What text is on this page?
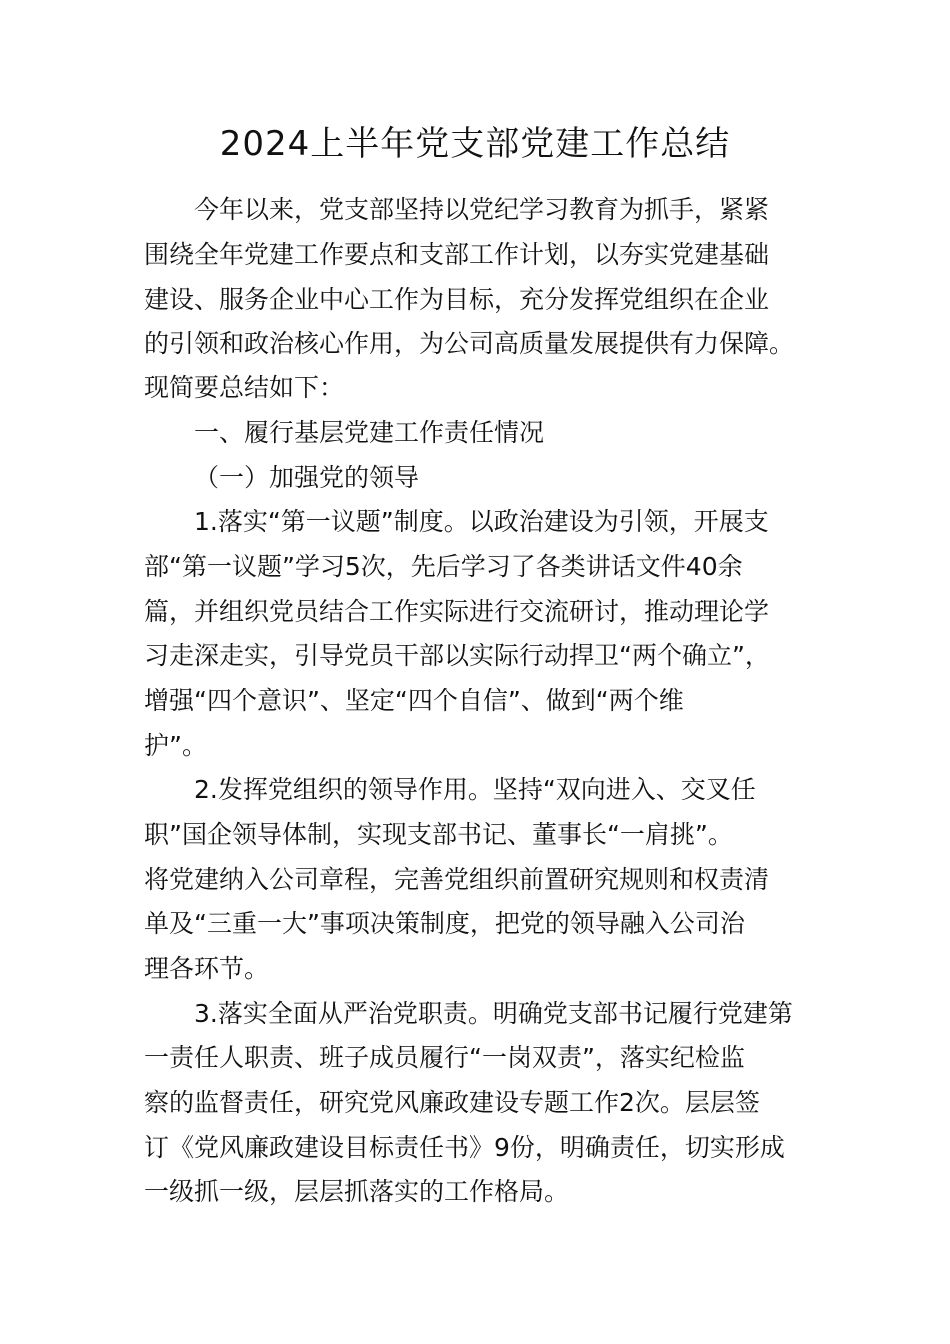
2024上半年党支部党建工作总结
今年以来，党支部坚持以党纪学习教育为抓手，紧紧
围绕全年党建工作要点和支部工作计划，以夯实党建基础
建设、服务企业中心工作为目标，充分发挥党组织在企业
的引领和政治核心作用，为公司高质量发展提供有力保障。
现简要总结如下：
一、履行基层党建工作责任情况
（一）加强党的领导
1.落实“第一议题”制度。以政治建设为引领，开展支
部“第一议题”学习5次，先后学习了各类讲话文件40余
篇，并组织党员结合工作实际进行交流研讨，推动理论学
习走深走实，引导党员干部以实际行动捍卫“两个确立”，
增强“四个意识”、坚定“四个自信”、做到“两个维
护”。
2.发挥党组织的领导作用。坚持“双向进入、交叉任
职”国企领导体制，实现支部书记、董事长“一肩挑”。
将党建纳入公司章程，完善党组织前置研究规则和权责清
单及“三重一大”事项决策制度，把党的领导融入公司治
理各环节。
3.落实全面从严治党职责。明确党支部书记履行党建第
一责任人职责、班子成员履行“一岗双责”，落实纪检监
察的监督责任，研究党风廉政建设专题工作2次。层层签
订《党风廉政建设目标责任书》9份，明确责任，切实形成
一级抓一级，层层抓落实的工作格局。
